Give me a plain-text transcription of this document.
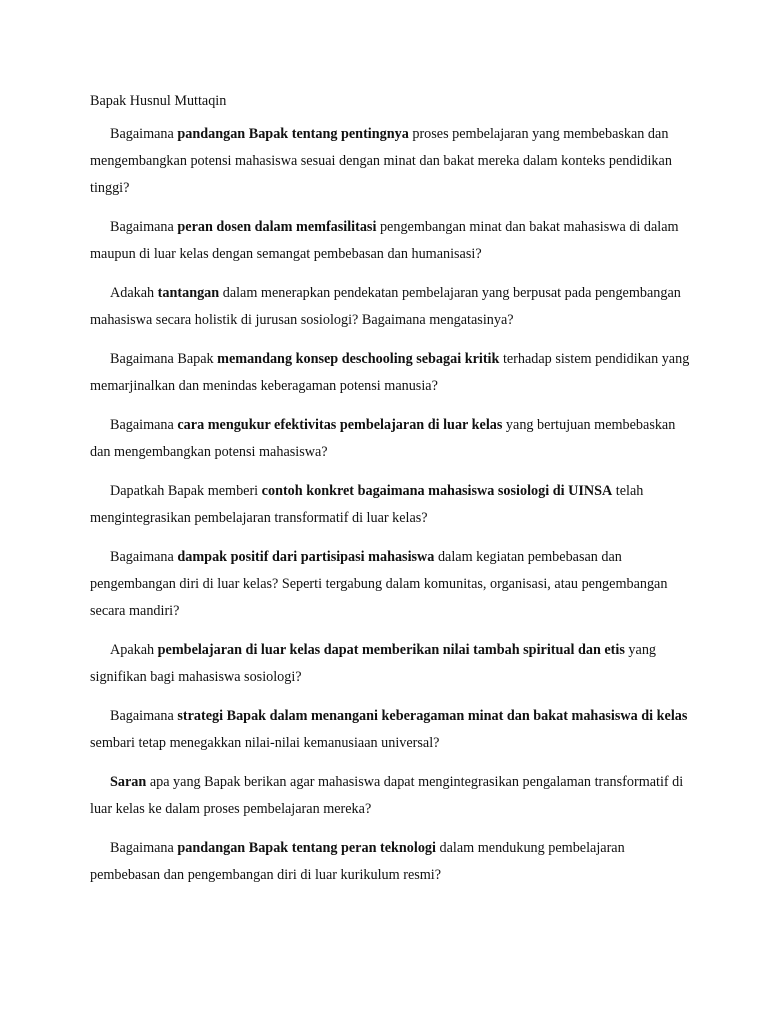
Bapak Husnul Muttaqin

Bagaimana pandangan Bapak tentang pentingnya proses pembelajaran yang membebaskan dan mengembangkan potensi mahasiswa sesuai dengan minat dan bakat mereka dalam konteks pendidikan tinggi?

Bagaimana peran dosen dalam memfasilitasi pengembangan minat dan bakat mahasiswa di dalam maupun di luar kelas dengan semangat pembebasan dan humanisasi?

Adakah tantangan dalam menerapkan pendekatan pembelajaran yang berpusat pada pengembangan mahasiswa secara holistik di jurusan sosiologi? Bagaimana mengatasinya?

Bagaimana Bapak memandang konsep deschooling sebagai kritik terhadap sistem pendidikan yang memarjinalkan dan menindas keberagaman potensi manusia?

Bagaimana cara mengukur efektivitas pembelajaran di luar kelas yang bertujuan membebaskan dan mengembangkan potensi mahasiswa?

Dapatkah Bapak memberi contoh konkret bagaimana mahasiswa sosiologi di UINSA telah mengintegrasikan pembelajaran transformatif di luar kelas?

Bagaimana dampak positif dari partisipasi mahasiswa dalam kegiatan pembebasan dan pengembangan diri di luar kelas? Seperti tergabung dalam komunitas, organisasi, atau pengembangan secara mandiri?

Apakah pembelajaran di luar kelas dapat memberikan nilai tambah spiritual dan etis yang signifikan bagi mahasiswa sosiologi?

Bagaimana strategi Bapak dalam menangani keberagaman minat dan bakat mahasiswa di kelas sembari tetap menegakkan nilai-nilai kemanusiaan universal?

Saran apa yang Bapak berikan agar mahasiswa dapat mengintegrasikan pengalaman transformatif di luar kelas ke dalam proses pembelajaran mereka?

Bagaimana pandangan Bapak tentang peran teknologi dalam mendukung pembelajaran pembebasan dan pengembangan diri di luar kurikulum resmi?
